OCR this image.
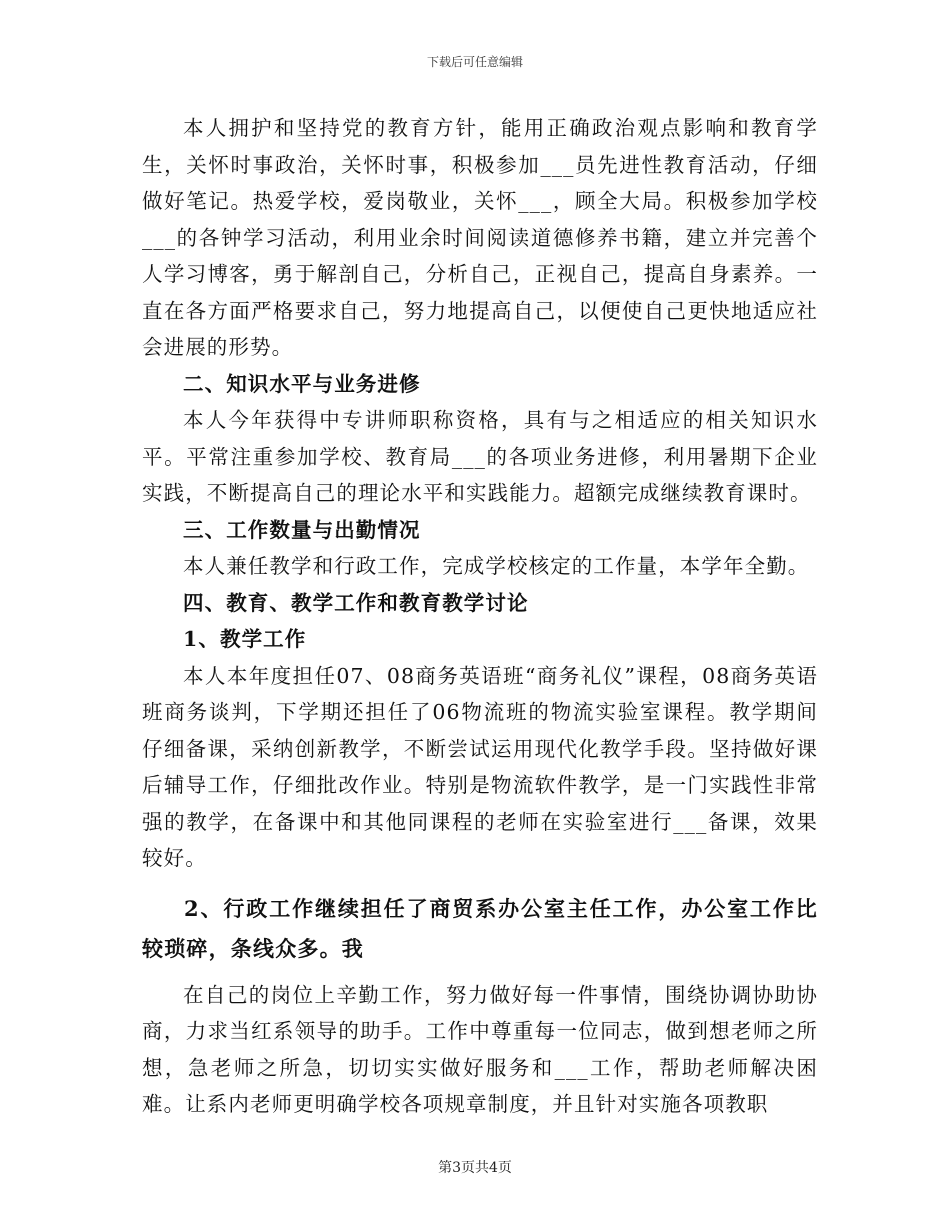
下载后可任意编辑

本人拥护和坚持党的教育方针，能用正确政治观点影响和教育学生，关怀时事政治，关怀时事，积极参加___员先进性教育活动，仔细做好笔记。热爱学校，爱岗敬业，关怀___，顾全大局。积极参加学校___的各钟学习活动，利用业余时间阅读道德修养书籍，建立并完善个人学习博客，勇于解剖自己，分析自己，正视自己，提高自身素养。一直在各方面严格要求自己，努力地提高自己，以便使自己更快地适应社会进展的形势。

二、知识水平与业务进修

本人今年获得中专讲师职称资格，具有与之相适应的相关知识水平。平常注重参加学校、教育局___的各项业务进修，利用暑期下企业实践，不断提高自己的理论水平和实践能力。超额完成继续教育课时。

三、工作数量与出勤情况

本人兼任教学和行政工作，完成学校核定的工作量，本学年全勤。

四、教育、教学工作和教育教学讨论

1、教学工作

本人本年度担任07、08商务英语班“商务礼仪”课程，08商务英语班商务谈判，下学期还担任了06物流班的物流实验室课程。教学期间仔细备课，采纳创新教学，不断尝试运用现代化教学手段。坚持做好课后辅导工作，仔细批改作业。特别是物流软件教学，是一门实践性非常强的教学，在备课中和其他同课程的老师在实验室进行___备课，效果较好。

2、行政工作继续担任了商贸系办公室主任工作，办公室工作比较琐碎，条线众多。我

在自己的岗位上辛勤工作，努力做好每一件事情，围绕协调协助协商，力求当红系领导的助手。工作中尊重每一位同志，做到想老师之所想，急老师之所急，切切实实做好服务和___工作，帮助老师解决困难。让系内老师更明确学校各项规章制度，并且针对实施各项教职

第3页共4页
